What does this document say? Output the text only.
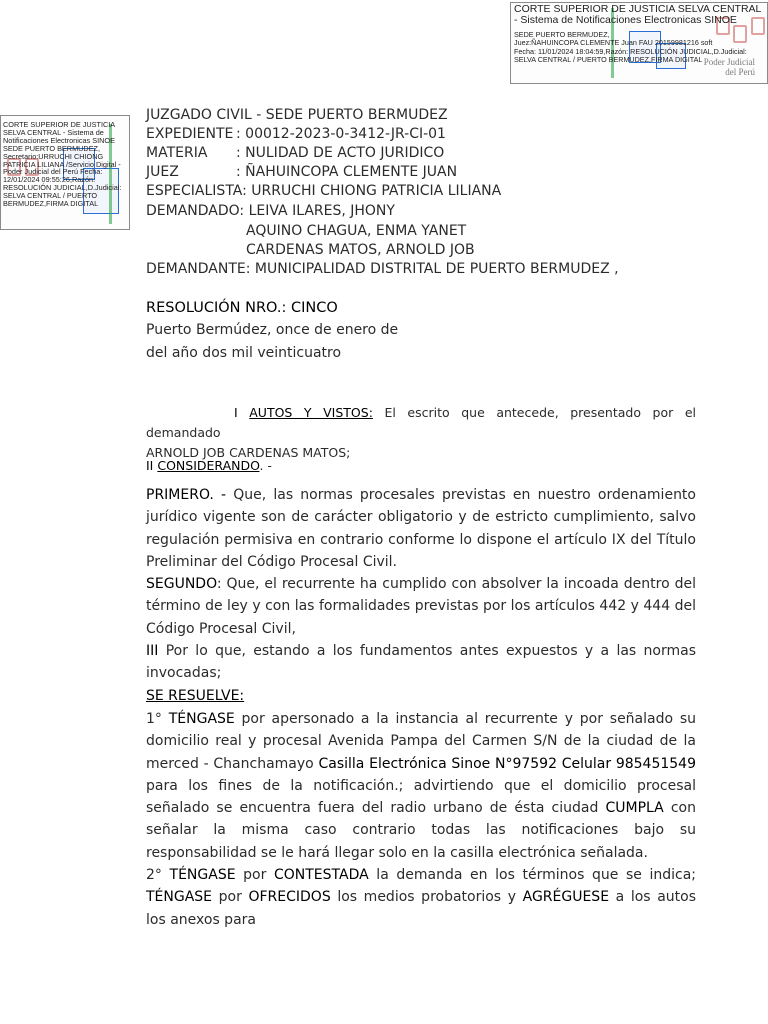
CORTE SUPERIOR DE JUSTICIA SELVA CENTRAL
- Sistema de Notificaciones Electronicas SINOE
SEDE PUERTO BERMUDEZ,
Juez:ÑAHUINCOPA CLEMENTE Juan FAU 20159981216 soft
Fecha: 11/01/2024 18:04:59,Razón: RESOLUCIÓN JUDICIAL,D.Judicial:
SELVA CENTRAL / PUERTO BERMUDEZ,FIRMA DIGITAL Poder Judicial
del Perú
CORTE SUPERIOR DE JUSTICIA SELVA CENTRAL - Sistema de Notificaciones Electronicas SINOE SEDE PUERTO BERMUDEZ, Secretario:URRUCHI CHIONG PATRICIA LILIANA /Servicio Digital - Poder Judicial del Perú Fecha: 12/01/2024 09:55:26,Razón: RESOLUCIÓN JUDICIAL,D.Judicial: SELVA CENTRAL / PUERTO BERMUDEZ,FIRMA DIGITAL
JUZGADO CIVIL - SEDE PUERTO BERMUDEZ
EXPEDIENTE : 00012-2023-0-3412-JR-CI-01
MATERIA : NULIDAD DE ACTO JURIDICO
JUEZ	: ÑAHUINCOPA CLEMENTE JUAN
ESPECIALISTA: URRUCHI CHIONG PATRICIA LILIANA
DEMANDADO: LEIVA ILARES, JHONY
AQUINO CHAGUA, ENMA YANET
CARDENAS MATOS, ARNOLD JOB
DEMANDANTE: MUNICIPALIDAD DISTRITAL DE PUERTO BERMUDEZ ,
RESOLUCIÓN NRO.: CINCO
Puerto Bermúdez, once de enero de
del año dos mil veinticuatro
I AUTOS Y VISTOS: El escrito que antecede, presentado por el demandado
ARNOLD JOB CARDENAS MATOS;
II CONSIDERANDO. -
PRIMERO. - Que, las normas procesales previstas en nuestro ordenamiento jurídico vigente son de carácter obligatorio y de estricto cumplimiento, salvo regulación permisiva en contrario conforme lo dispone el artículo IX del Título Preliminar del Código Procesal Civil.
SEGUNDO: Que, el recurrente ha cumplido con absolver la incoada dentro del término de ley y con las formalidades previstas por los artículos 442 y 444 del Código Procesal Civil,
III Por lo que, estando a los fundamentos antes expuestos y a las normas invocadas;
SE RESUELVE:
1° TÉNGASE por apersonado a la instancia al recurrente y por señalado su domicilio real y procesal Avenida Pampa del Carmen S/N de la ciudad de la merced - Chanchamayo Casilla Electrónica Sinoe N°97592 Celular 985451549 para los fines de la notificación.; advirtiendo que el domicilio procesal señalado se encuentra fuera del radio urbano de ésta ciudad CUMPLA con señalar la misma caso contrario todas las notificaciones bajo su responsabilidad se le hará llegar solo en la casilla electrónica señalada.
2° TÉNGASE por CONTESTADA la demanda en los términos que se indica; TÉNGASE por OFRECIDOS los medios probatorios y AGRÉGUESE a los autos los anexos para
